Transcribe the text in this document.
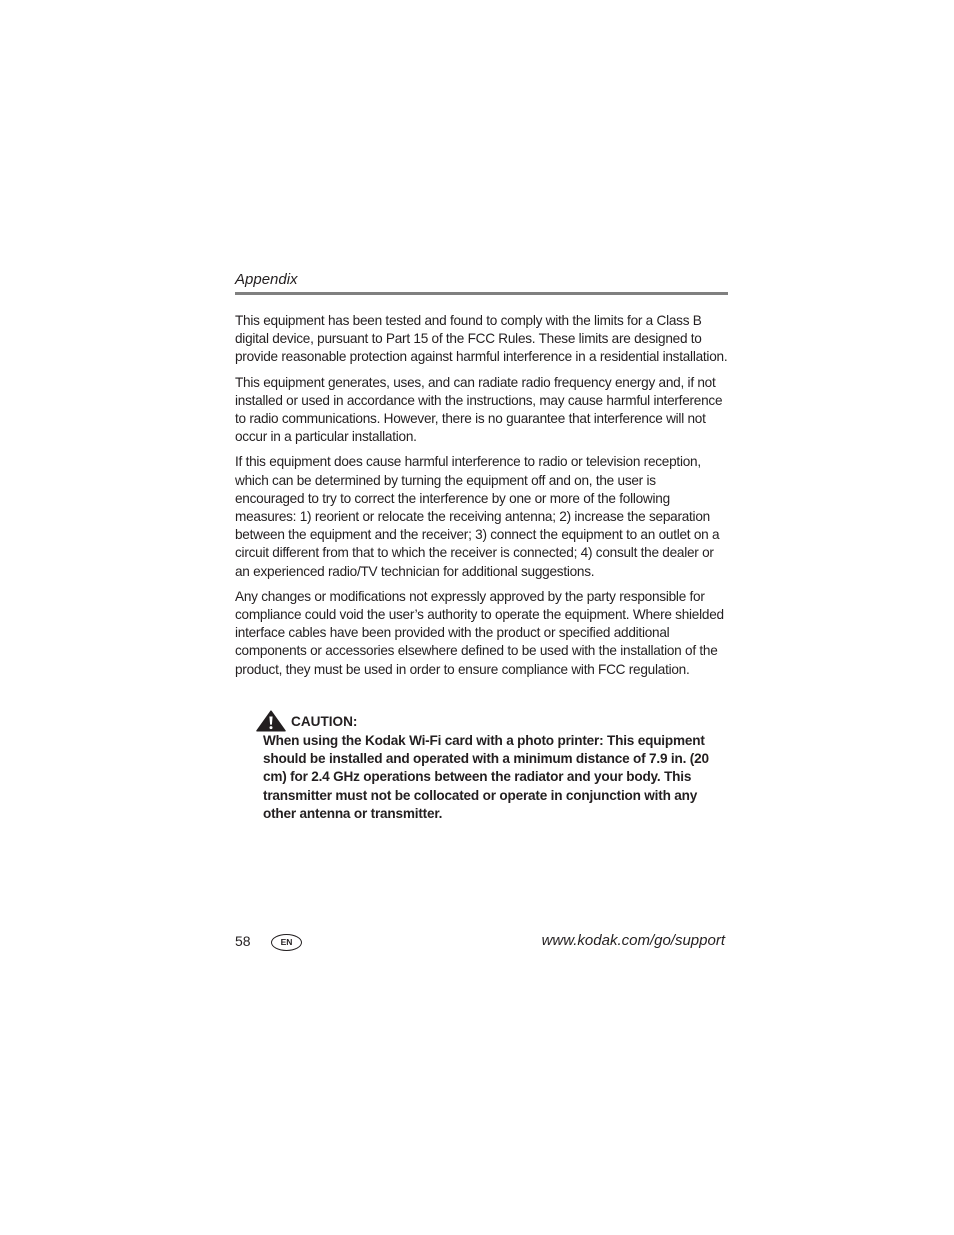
Appendix

This equipment has been tested and found to comply with the limits for a Class B digital device, pursuant to Part 15 of the FCC Rules. These limits are designed to provide reasonable protection against harmful interference in a residential installation.

This equipment generates, uses, and can radiate radio frequency energy and, if not installed or used in accordance with the instructions, may cause harmful interference to radio communications. However, there is no guarantee that interference will not occur in a particular installation.

If this equipment does cause harmful interference to radio or television reception, which can be determined by turning the equipment off and on, the user is encouraged to try to correct the interference by one or more of the following measures: 1) reorient or relocate the receiving antenna; 2) increase the separation between the equipment and the receiver; 3) connect the equipment to an outlet on a circuit different from that to which the receiver is connected; 4) consult the dealer or an experienced radio/TV technician for additional suggestions.

Any changes or modifications not expressly approved by the party responsible for compliance could void the user’s authority to operate the equipment. Where shielded interface cables have been provided with the product or specified additional components or accessories elsewhere defined to be used with the installation of the product, they must be used in order to ensure compliance with FCC regulation.

CAUTION:

When using the Kodak Wi-Fi card with a photo printer: This equipment should be installed and operated with a minimum distance of 7.9 in. (20 cm) for 2.4 GHz operations between the radiator and your body. This transmitter must not be collocated or operate in conjunction with any other antenna or transmitter.

58	EN	www.kodak.com/go/support
